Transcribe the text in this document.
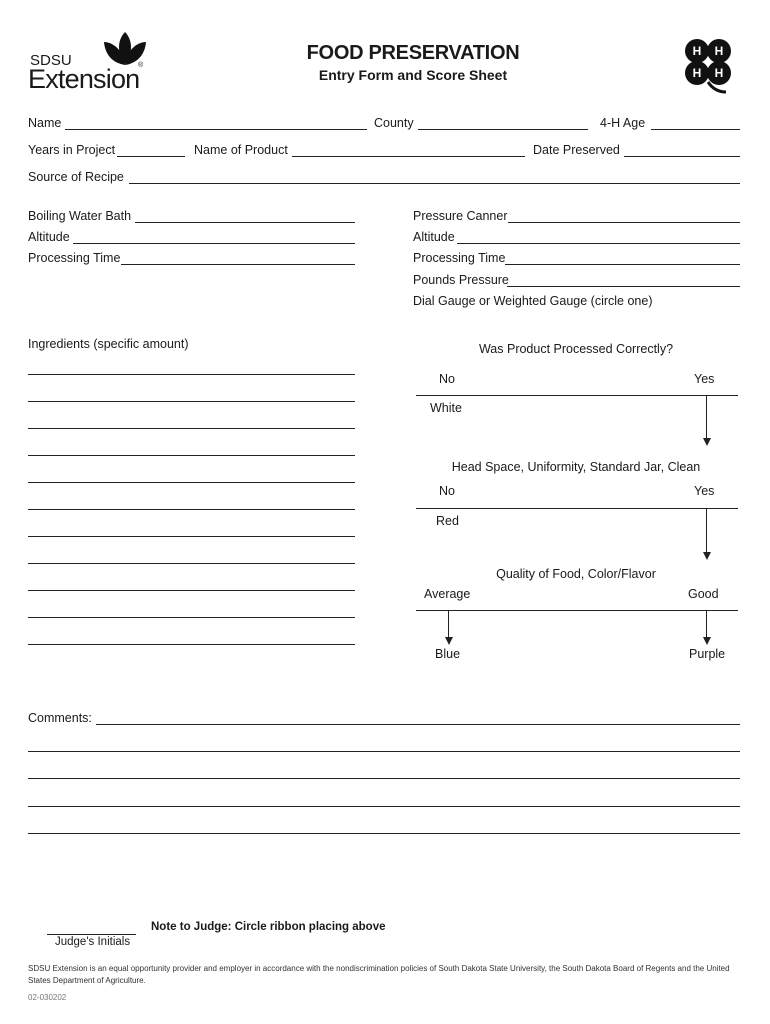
SDSU
Extension
®
FOOD PRESERVATION
Entry Form and Score Sheet
H H
H H
Name	County	4-H Age
Years in Project	Name of Product	Date Preserved
Source of Recipe
Boiling Water Bath
Altitude
Processing Time
Pressure Canner
Altitude
Processing Time
Pounds Pressure
Dial Gauge or Weighted Gauge (circle one)
Ingredients (specific amount)	Was Product Processed Correctly?
No	Yes
White
Head Space, Uniformity, Standard Jar, Clean
No	Yes
Red
Quality of Food, Color/Flavor
Average	Good
Blue	Purple
Comments:
Judge's Initials
Note to Judge: Circle ribbon placing above
SDSU Extension is an equal opportunity provider and employer in accordance with the nondiscrimination policies of South Dakota State University, the South Dakota Board of Regents and the United States Department of Agriculture.
02-030202
